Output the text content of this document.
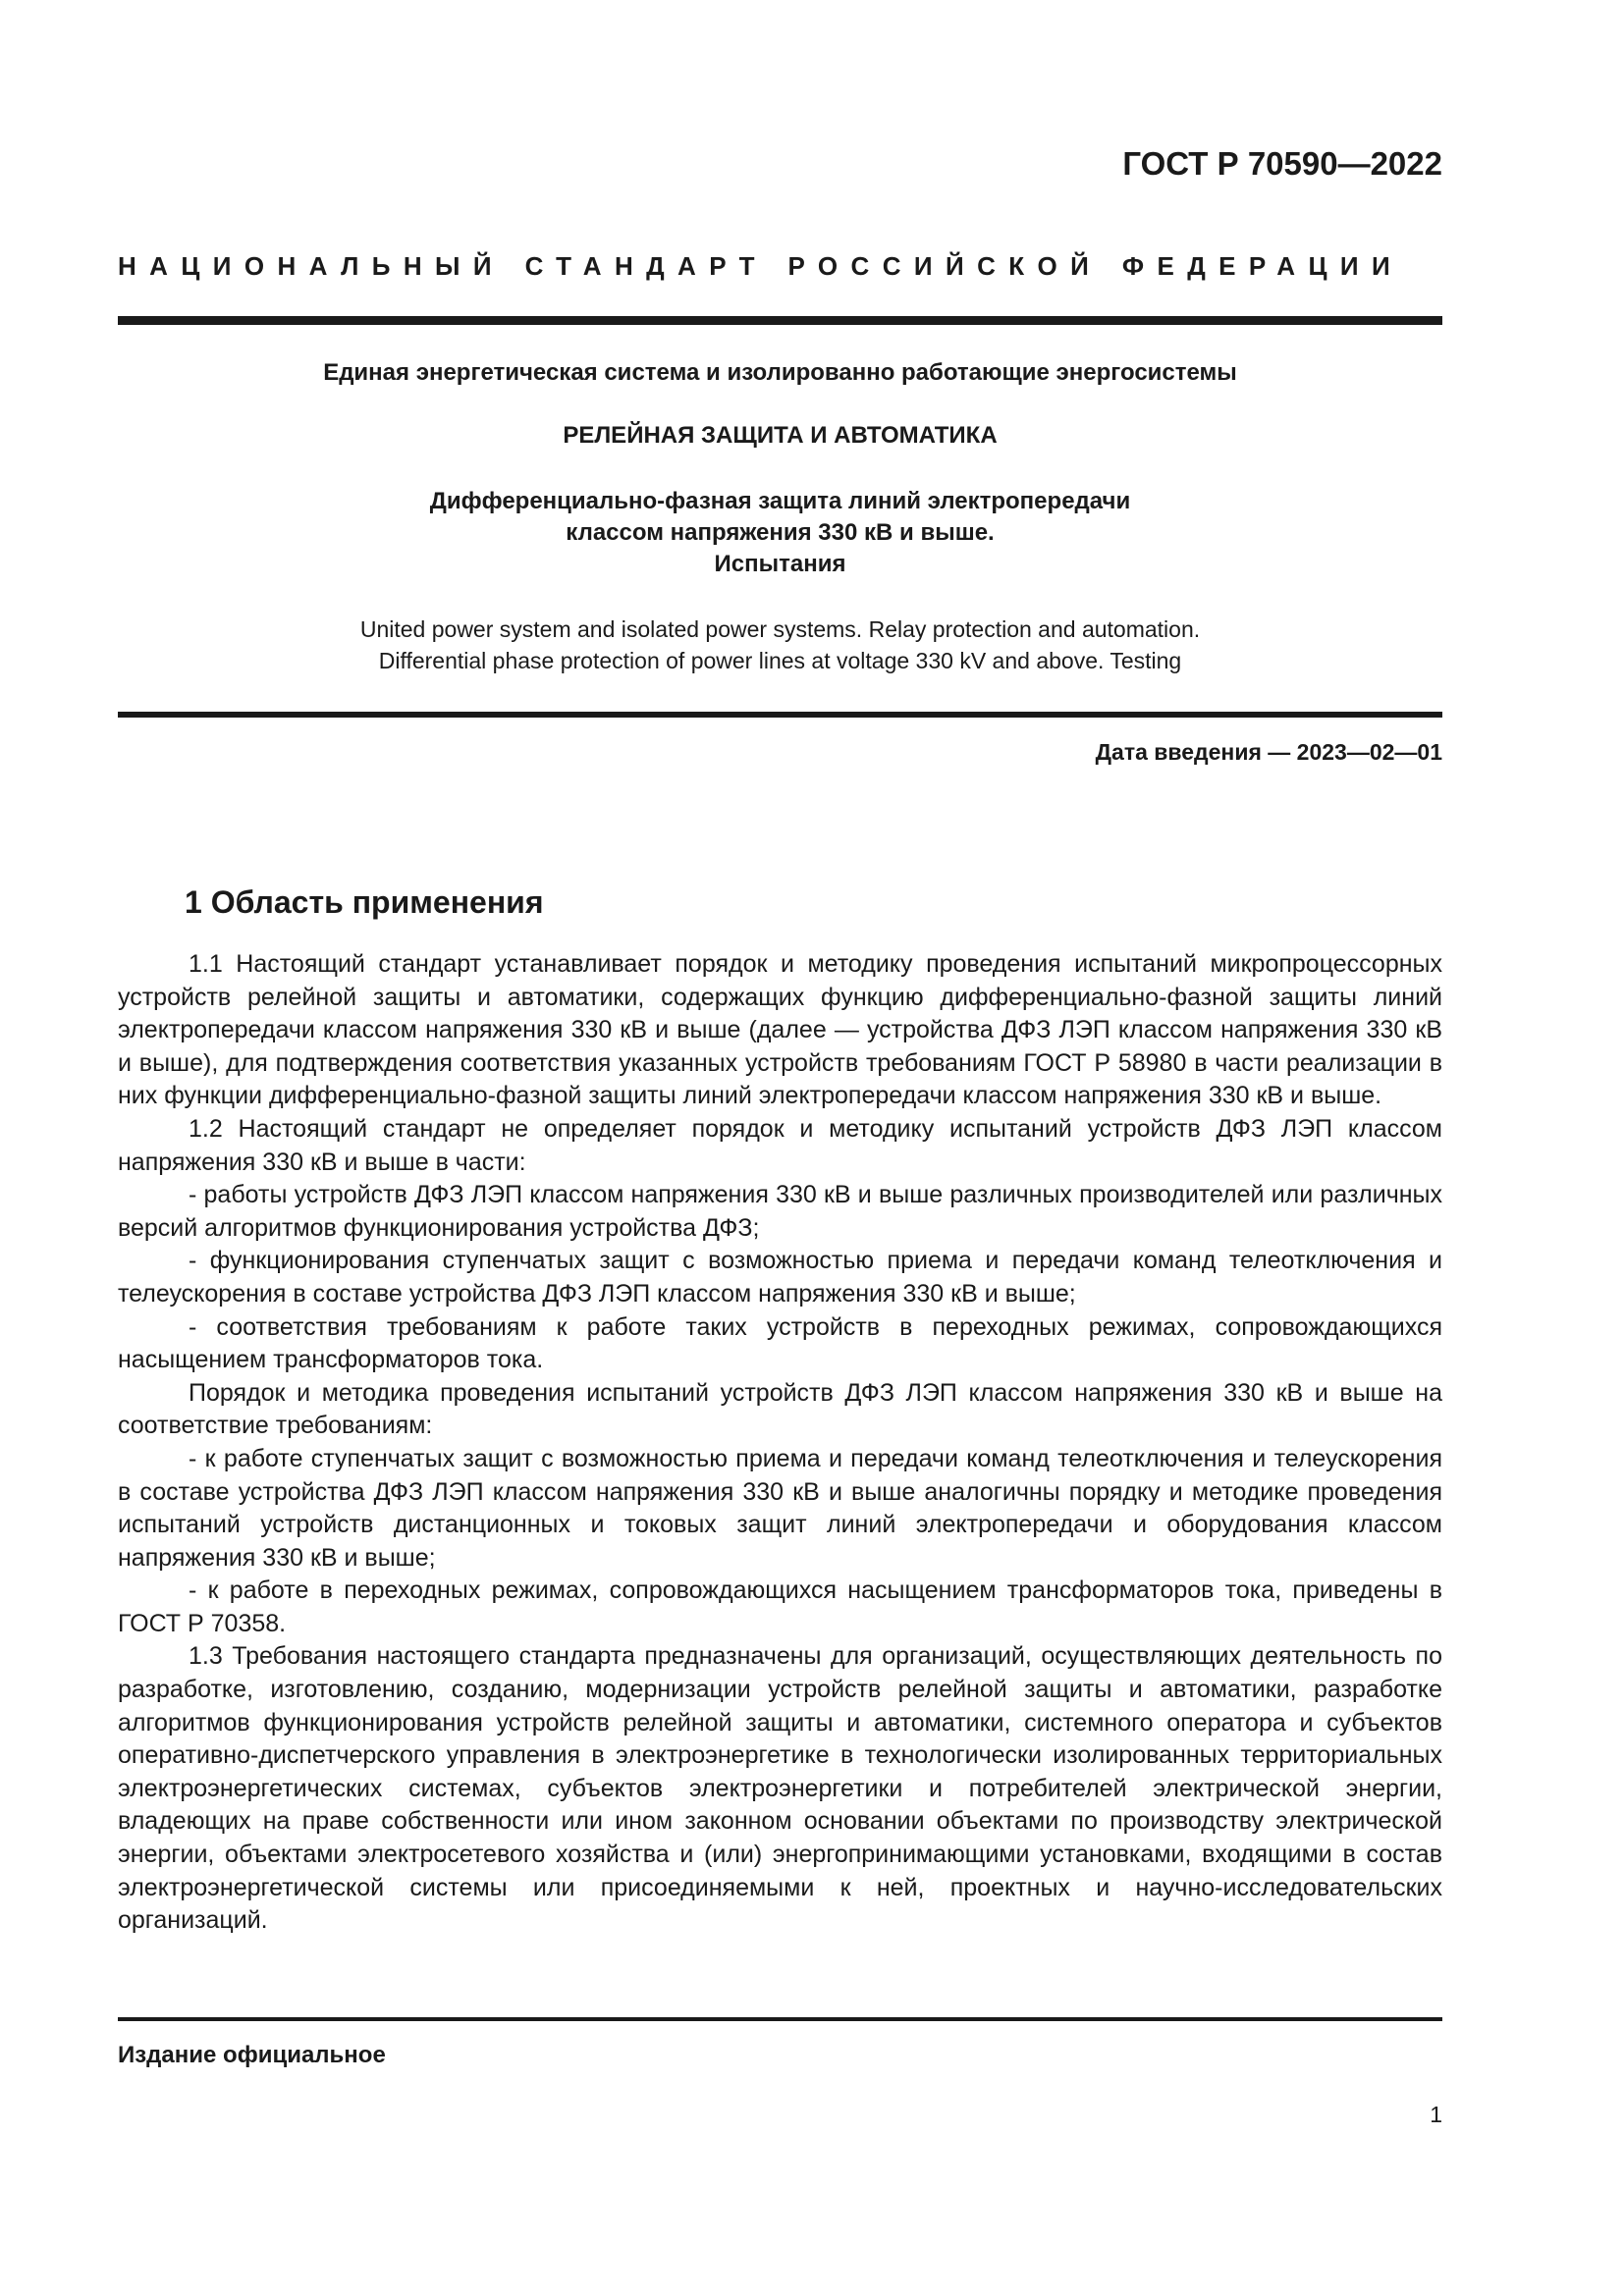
ГОСТ Р 70590—2022

НАЦИОНАЛЬНЫЙ СТАНДАРТ РОССИЙСКОЙ ФЕДЕРАЦИИ

Единая энергетическая система и изолированно работающие энергосистемы

РЕЛЕЙНАЯ ЗАЩИТА И АВТОМАТИКА

Дифференциально-фазная защита линий электропередачи
классом напряжения 330 кВ и выше.
Испытания

United power system and isolated power systems. Relay protection and automation.
Differential phase protection of power lines at voltage 330 kV and above. Testing

Дата введения — 2023—02—01

1 Область применения

1.1 Настоящий стандарт устанавливает порядок и методику проведения испытаний микропроцессорных устройств релейной защиты и автоматики, содержащих функцию дифференциально-фазной защиты линий электропередачи классом напряжения 330 кВ и выше (далее — устройства ДФЗ ЛЭП классом напряжения 330 кВ и выше), для подтверждения соответствия указанных устройств требованиям ГОСТ Р 58980 в части реализации в них функции дифференциально-фазной защиты линий электропередачи классом напряжения 330 кВ и выше.

1.2 Настоящий стандарт не определяет порядок и методику испытаний устройств ДФЗ ЛЭП классом напряжения 330 кВ и выше в части:

- работы устройств ДФЗ ЛЭП классом напряжения 330 кВ и выше различных производителей или различных версий алгоритмов функционирования устройства ДФЗ;

- функционирования ступенчатых защит с возможностью приема и передачи команд телеотключения и телеускорения в составе устройства ДФЗ ЛЭП классом напряжения 330 кВ и выше;

- соответствия требованиям к работе таких устройств в переходных режимах, сопровождающихся насыщением трансформаторов тока.

Порядок и методика проведения испытаний устройств ДФЗ ЛЭП классом напряжения 330 кВ и выше на соответствие требованиям:

- к работе ступенчатых защит с возможностью приема и передачи команд телеотключения и телеускорения в составе устройства ДФЗ ЛЭП классом напряжения 330 кВ и выше аналогичны порядку и методике проведения испытаний устройств дистанционных и токовых защит линий электропередачи и оборудования классом напряжения 330 кВ и выше;

- к работе в переходных режимах, сопровождающихся насыщением трансформаторов тока, приведены в ГОСТ Р 70358.

1.3 Требования настоящего стандарта предназначены для организаций, осуществляющих деятельность по разработке, изготовлению, созданию, модернизации устройств релейной защиты и автоматики, разработке алгоритмов функционирования устройств релейной защиты и автоматики, системного оператора и субъектов оперативно-диспетчерского управления в электроэнергетике в технологически изолированных территориальных электроэнергетических системах, субъектов электроэнергетики и потребителей электрической энергии, владеющих на праве собственности или ином законном основании объектами по производству электрической энергии, объектами электросетевого хозяйства и (или) энергопринимающими установками, входящими в состав электроэнергетической системы или присоединяемыми к ней, проектных и научно-исследовательских организаций.

Издание официальное

1
